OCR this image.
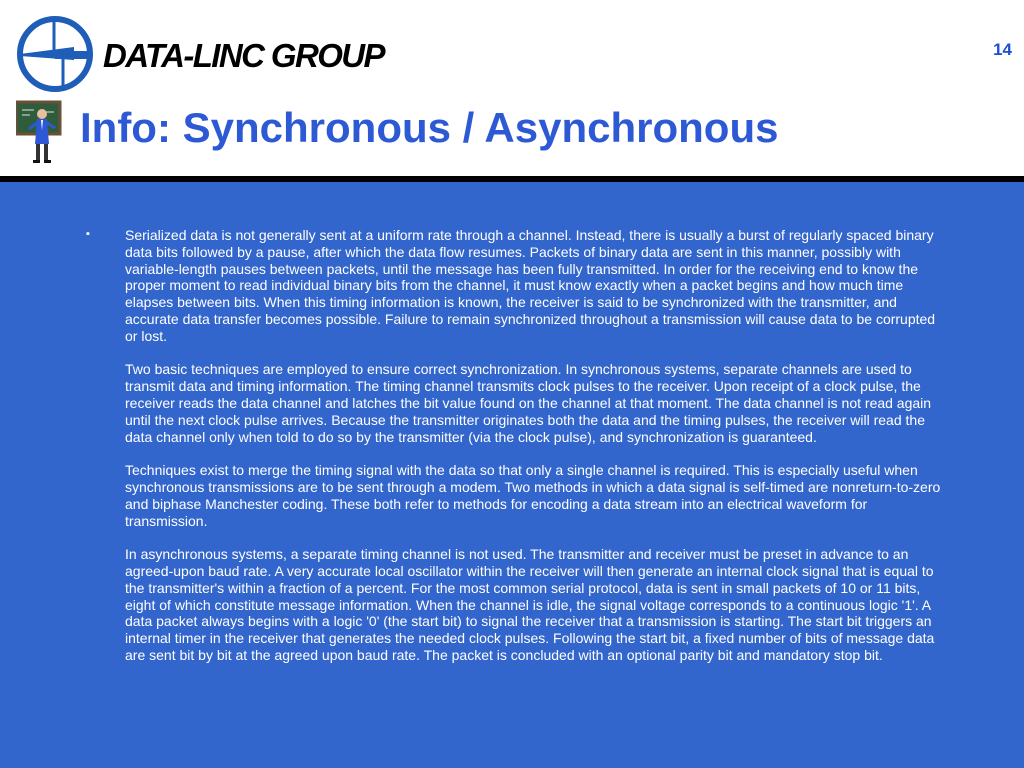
DATA-LINC GROUP	14
Info: Synchronous / Asynchronous
▪	Serialized data is not generally sent at a uniform rate through a channel. Instead, there is usually a burst of regularly spaced binary data bits followed by a pause, after which the data flow resumes. Packets of binary data are sent in this manner, possibly with variable-length pauses between packets, until the message has been fully transmitted. In order for the receiving end to know the proper moment to read individual binary bits from the channel, it must know exactly when a packet begins and how much time elapses between bits. When this timing information is known, the receiver is said to be synchronized with the transmitter, and accurate data transfer becomes possible. Failure to remain synchronized throughout a transmission will cause data to be corrupted or lost.

Two basic techniques are employed to ensure correct synchronization. In synchronous systems, separate channels are used to transmit data and timing information. The timing channel transmits clock pulses to the receiver. Upon receipt of a clock pulse, the receiver reads the data channel and latches the bit value found on the channel at that moment. The data channel is not read again until the next clock pulse arrives. Because the transmitter originates both the data and the timing pulses, the receiver will read the data channel only when told to do so by the transmitter (via the clock pulse), and synchronization is guaranteed.

Techniques exist to merge the timing signal with the data so that only a single channel is required. This is especially useful when synchronous transmissions are to be sent through a modem. Two methods in which a data signal is self-timed are nonreturn-to-zero and biphase Manchester coding. These both refer to methods for encoding a data stream into an electrical waveform for transmission.

In asynchronous systems, a separate timing channel is not used. The transmitter and receiver must be preset in advance to an agreed-upon baud rate. A very accurate local oscillator within the receiver will then generate an internal clock signal that is equal to the transmitter's within a fraction of a percent. For the most common serial protocol, data is sent in small packets of 10 or 11 bits, eight of which constitute message information. When the channel is idle, the signal voltage corresponds to a continuous logic '1'. A data packet always begins with a logic '0' (the start bit) to signal the receiver that a transmission is starting. The start bit triggers an internal timer in the receiver that generates the needed clock pulses. Following the start bit, a fixed number of bits of message data are sent bit by bit at the agreed upon baud rate. The packet is concluded with an optional parity bit and mandatory stop bit.
